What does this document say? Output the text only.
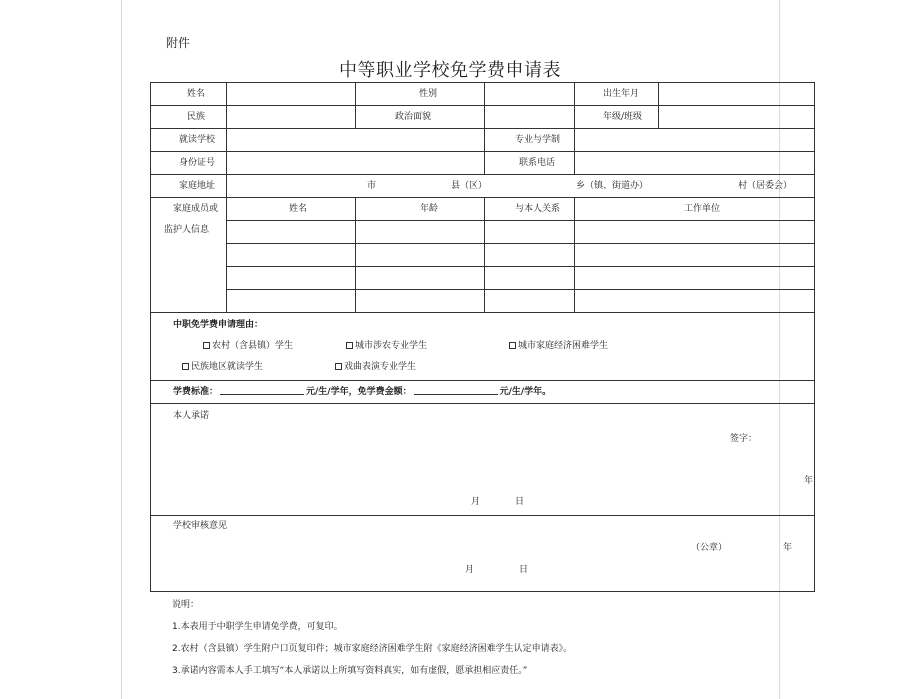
附件
中等职业学校免学费申请表
姓名	性别	出生年月
民族	政治面貌	年级/班级
就读学校	专业与学制
身份证号	联系电话
家庭地址	市	县（区）	乡（镇、街道办）	村（居委会）
家庭成员或
监护人信息
姓名	年龄	与本人关系	工作单位
中职免学费申请理由：
农村（含县镇）学生	城市涉农专业学生	城市家庭经济困难学生
民族地区就读学生	戏曲表演专业学生
学费标准：	元/生/学年，免学费金额：	元/生/学年。
本人承诺
签字：
年
月	日
学校审核意见
（公章）	年
月	日
说明：
1.本表用于中职学生申请免学费，可复印。
2.农村（含县镇）学生附户口页复印件；城市家庭经济困难学生附《家庭经济困难学生认定申请表》。
3.承诺内容需本人手工填写“本人承诺以上所填写资料真实，如有虚假，愿承担相应责任。”
